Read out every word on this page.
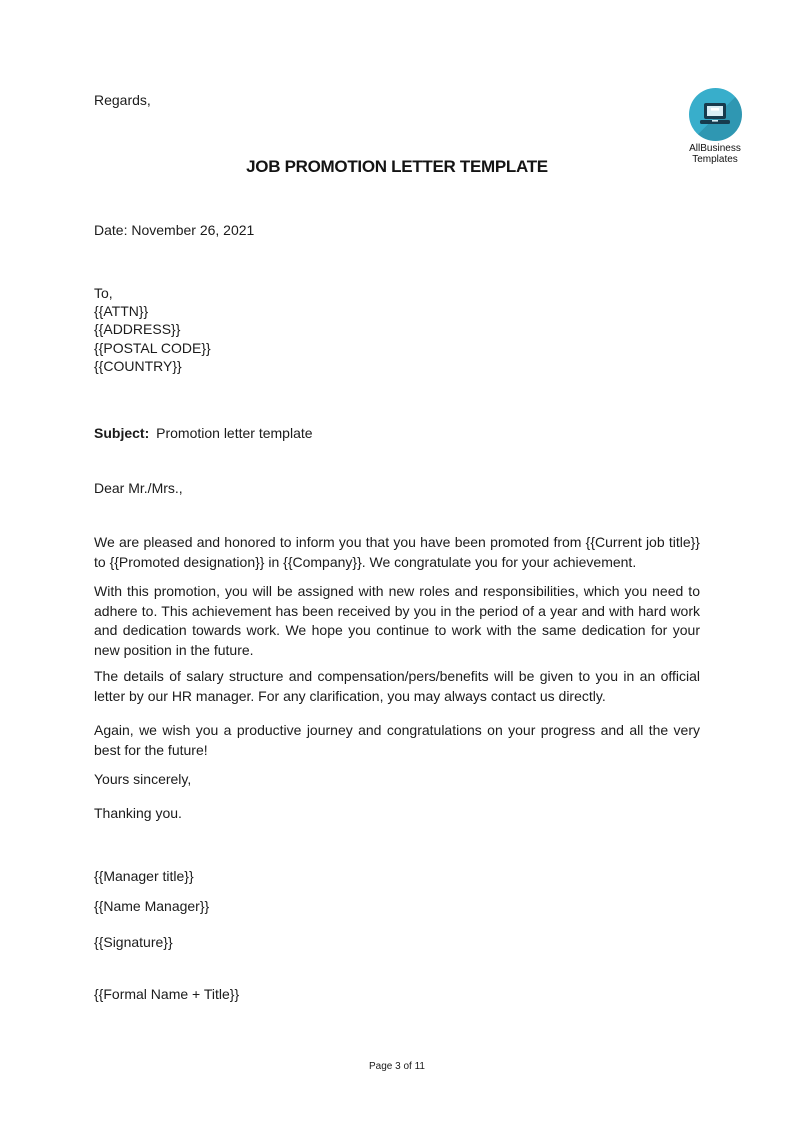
Regards,
AllBusiness
Templates
JOB PROMOTION LETTER TEMPLATE
Date: November 26, 2021
To,
{{ATTN}}
{{ADDRESS}}
{{POSTAL CODE}}
{{COUNTRY}}
Subject: Promotion letter template
Dear Mr./Mrs.,
We are pleased and honored to inform you that you have been promoted from {{Current job title}} to {{Promoted designation}} in {{Company}}. We congratulate you for your achievement.
With this promotion, you will be assigned with new roles and responsibilities, which you need to adhere to. This achievement has been received by you in the period of a year and with hard work and dedication towards work. We hope you continue to work with the same dedication for your new position in the future.
The details of salary structure and compensation/pers/benefits will be given to you in an official letter by our HR manager. For any clarification, you may always contact us directly.
Again, we wish you a productive journey and congratulations on your progress and all the very best for the future!
Yours sincerely,
Thanking you.
{{Manager title}}
{{Name Manager}}
{{Signature}}
{{Formal Name + Title}}
Page 3 of 11
